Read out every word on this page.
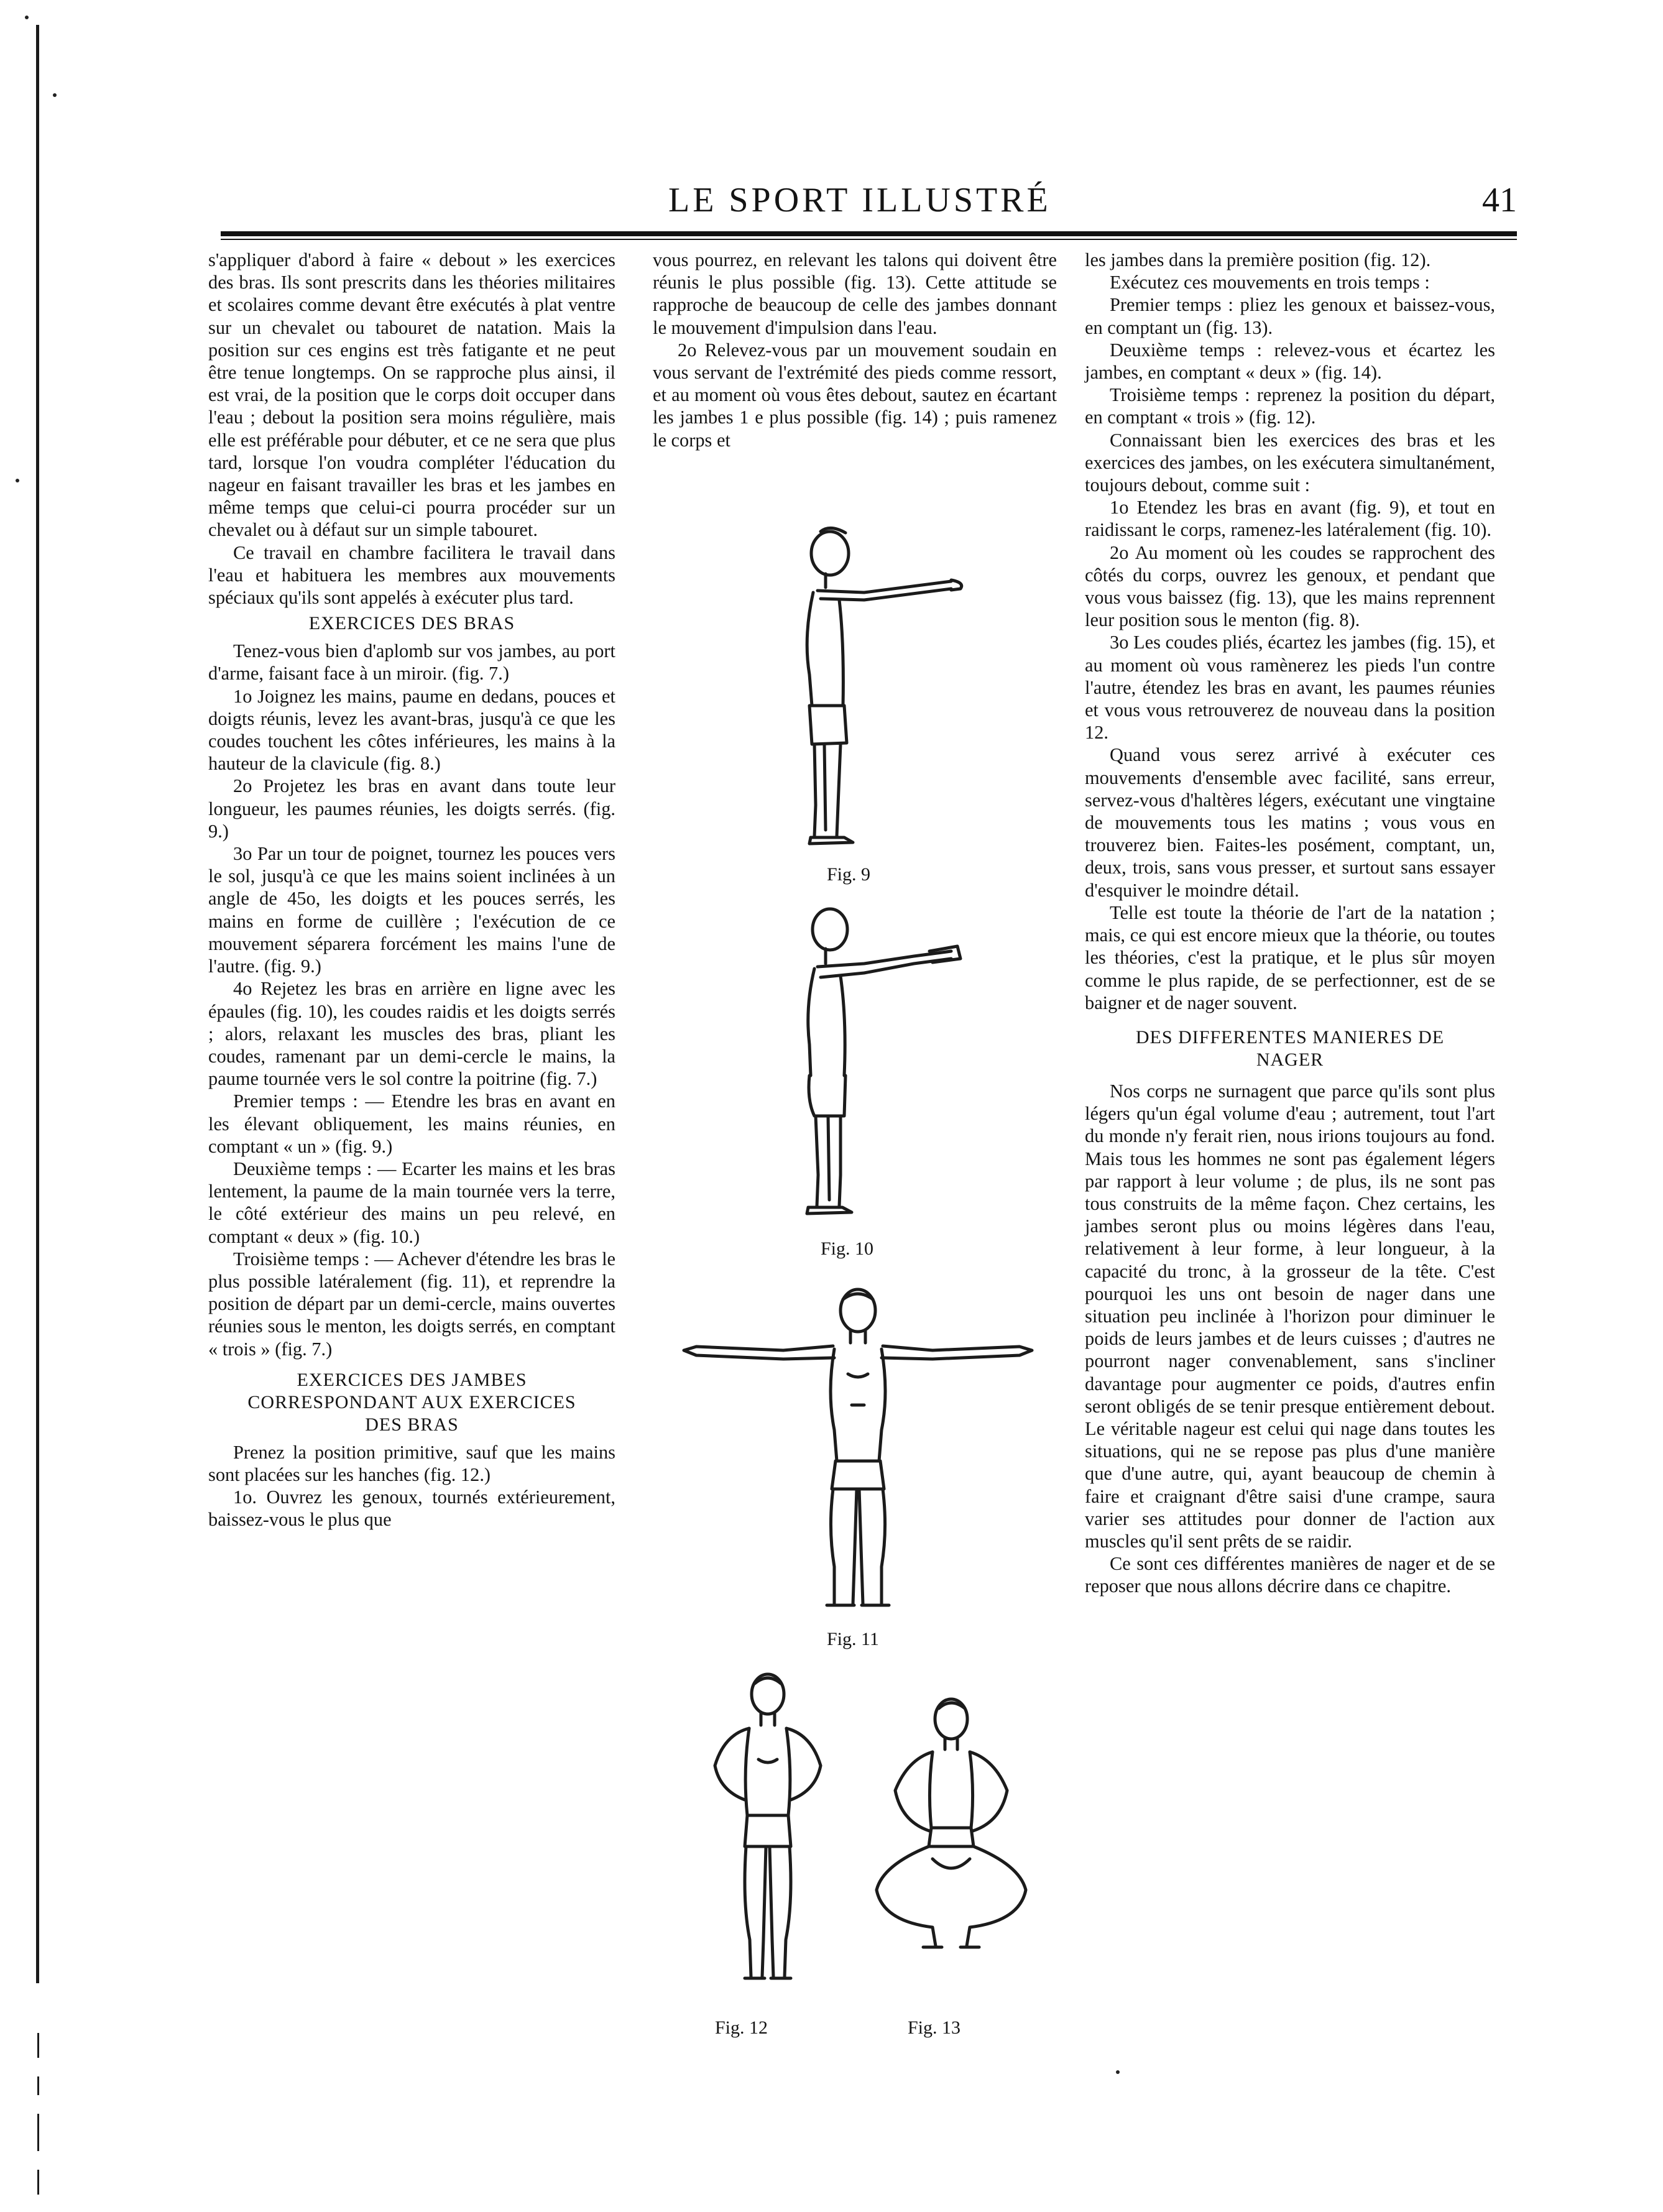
LE SPORT ILLUSTRÉ	41

s'appliquer d'abord à faire « debout » les exercices des bras. Ils sont prescrits dans les théories militaires et scolaires comme devant être exécutés à plat ventre sur un chevalet ou tabouret de natation. Mais la position sur ces engins est très fatigante et ne peut être tenue longtemps. On se rapproche plus ainsi, il est vrai, de la position que le corps doit occuper dans l'eau ; debout la position sera moins régulière, mais elle est préférable pour débuter, et ce ne sera que plus tard, lorsque l'on voudra compléter l'éducation du nageur en faisant travailler les bras et les jambes en même temps que celui-ci pourra procéder sur un chevalet ou à défaut sur un simple tabouret.

Ce travail en chambre facilitera le travail dans l'eau et habituera les membres aux mouvements spéciaux qu'ils sont appelés à exécuter plus tard.

EXERCICES DES BRAS

Tenez-vous bien d'aplomb sur vos jambes, au port d'arme, faisant face à un miroir. (fig. 7.)

1o Joignez les mains, paume en dedans, pouces et doigts réunis, levez les avant-bras, jusqu'à ce que les coudes touchent les côtes inférieures, les mains à la hauteur de la clavicule (fig. 8.)

2o Projetez les bras en avant dans toute leur longueur, les paumes réunies, les doigts serrés. (fig. 9.)

3o Par un tour de poignet, tournez les pouces vers le sol, jusqu'à ce que les mains soient inclinées à un angle de 45o, les doigts et les pouces serrés, les mains en forme de cuillère ; l'exécution de ce mouvement séparera forcément les mains l'une de l'autre. (fig. 9.)

4o Rejetez les bras en arrière en ligne avec les épaules (fig. 10), les coudes raidis et les doigts serrés ; alors, relaxant les muscles des bras, pliant les coudes, ramenant par un demi-cercle le mains, la paume tournée vers le sol contre la poitrine (fig. 7.)

Premier temps : — Etendre les bras en avant en les élevant obliquement, les mains réunies, en comptant « un » (fig. 9.)

Deuxième temps : — Ecarter les mains et les bras lentement, la paume de la main tournée vers la terre, le côté extérieur des mains un peu relevé, en comptant « deux » (fig. 10.)

Troisième temps : — Achever d'étendre les bras le plus possible latéralement (fig. 11), et reprendre la position de départ par un demi-cercle, mains ouvertes réunies sous le menton, les doigts serrés, en comptant « trois » (fig. 7.)

EXERCICES DES JAMBES
CORRESPONDANT AUX EXERCICES
DES BRAS

Prenez la position primitive, sauf que les mains sont placées sur les hanches (fig. 12.)

1o. Ouvrez les genoux, tournés extérieurement, baissez-vous le plus que

vous pourrez, en relevant les talons qui doivent être réunis le plus possible (fig. 13). Cette attitude se rapproche de beaucoup de celle des jambes donnant le mouvement d'impulsion dans l'eau.

2o Relevez-vous par un mouvement soudain en vous servant de l'extrémité des pieds comme ressort, et au moment où vous êtes debout, sautez en écartant les jambes 1 e plus possible (fig. 14) ; puis ramenez le corps et

Fig. 9
Fig. 10
Fig. 11
Fig. 12	Fig. 13

les jambes dans la première position (fig. 12).

Exécutez ces mouvements en trois temps :

Premier temps : pliez les genoux et baissez-vous, en comptant un (fig. 13).

Deuxième temps : relevez-vous et écartez les jambes, en comptant « deux » (fig. 14).

Troisième temps : reprenez la position du départ, en comptant « trois » (fig. 12).

Connaissant bien les exercices des bras et les exercices des jambes, on les exécutera simultanément, toujours debout, comme suit :

1o Etendez les bras en avant (fig. 9), et tout en raidissant le corps, ramenez-les latéralement (fig. 10).

2o Au moment où les coudes se rapprochent des côtés du corps, ouvrez les genoux, et pendant que vous vous baissez (fig. 13), que les mains reprennent leur position sous le menton (fig. 8).

3o Les coudes pliés, écartez les jambes (fig. 15), et au moment où vous ramènerez les pieds l'un contre l'autre, étendez les bras en avant, les paumes réunies et vous vous retrouverez de nouveau dans la position 12.

Quand vous serez arrivé à exécuter ces mouvements d'ensemble avec facilité, sans erreur, servez-vous d'haltères légers, exécutant une vingtaine de mouvements tous les matins ; vous vous en trouverez bien. Faites-les posément, comptant, un, deux, trois, sans vous presser, et surtout sans essayer d'esquiver le moindre détail.

Telle est toute la théorie de l'art de la natation ; mais, ce qui est encore mieux que la théorie, ou toutes les théories, c'est la pratique, et le plus sûr moyen comme le plus rapide, de se perfectionner, est de se baigner et de nager souvent.

DES DIFFERENTES MANIERES DE
NAGER

Nos corps ne surnagent que parce qu'ils sont plus légers qu'un égal volume d'eau ; autrement, tout l'art du monde n'y ferait rien, nous irions toujours au fond. Mais tous les hommes ne sont pas également légers par rapport à leur volume ; de plus, ils ne sont pas tous construits de la même façon. Chez certains, les jambes seront plus ou moins légères dans l'eau, relativement à leur forme, à leur longueur, à la capacité du tronc, à la grosseur de la tête. C'est pourquoi les uns ont besoin de nager dans une situation peu inclinée à l'horizon pour diminuer le poids de leurs jambes et de leurs cuisses ; d'autres ne pourront nager convenablement, sans s'incliner davantage pour augmenter ce poids, d'autres enfin seront obligés de se tenir presque entièrement debout. Le véritable nageur est celui qui nage dans toutes les situations, qui ne se repose pas plus d'une manière que d'une autre, qui, ayant beaucoup de chemin à faire et craignant d'être saisi d'une crampe, saura varier ses attitudes pour donner de l'action aux muscles qu'il sent prêts de se raidir.

Ce sont ces différentes manières de nager et de se reposer que nous allons décrire dans ce chapitre.
